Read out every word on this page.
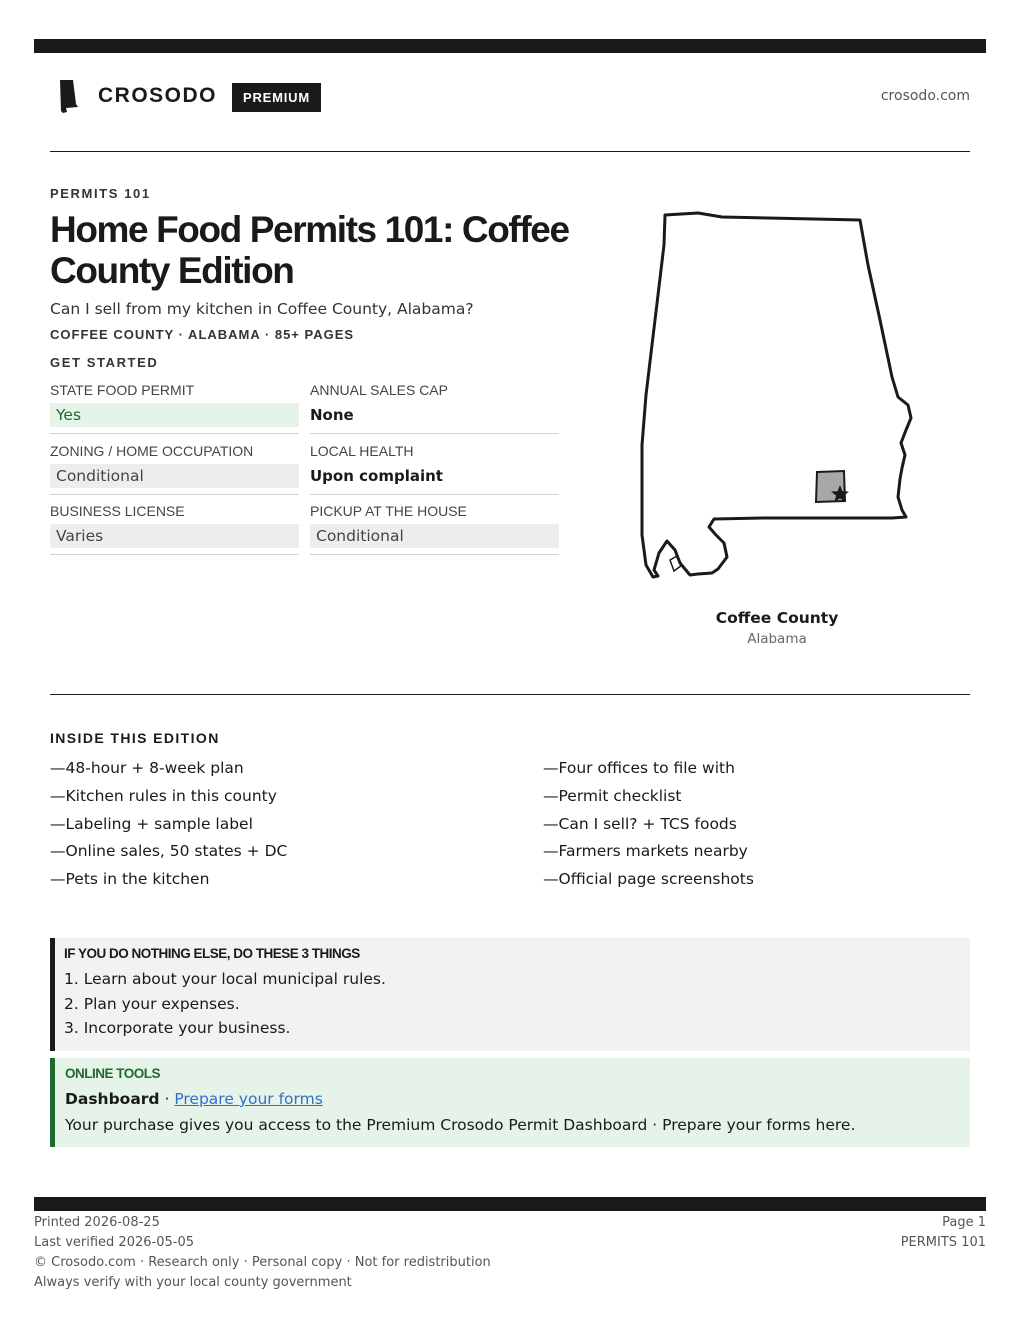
CROSODO	PREMIUM	crosodo.com
PERMITS 101
Home Food Permits 101: Coffee County Edition
Can I sell from my kitchen in Coffee County, Alabama?
COFFEE COUNTY · ALABAMA · 85+ PAGES
GET STARTED
STATE FOOD PERMIT
Yes
ANNUAL SALES CAP
None
ZONING / HOME OCCUPATION
Conditional
LOCAL HEALTH
Upon complaint
BUSINESS LICENSE
Varies
PICKUP AT THE HOUSE
Conditional
Coffee County
Alabama
INSIDE THIS EDITION
—48-hour + 8-week plan
—Kitchen rules in this county
—Labeling + sample label
—Online sales, 50 states + DC
—Pets in the kitchen
—Four offices to file with
—Permit checklist
—Can I sell? + TCS foods
—Farmers markets nearby
—Official page screenshots
IF YOU DO NOTHING ELSE, DO THESE 3 THINGS
1. Learn about your local municipal rules.
2. Plan your expenses.
3. Incorporate your business.
ONLINE TOOLS
Dashboard · Prepare your forms
Your purchase gives you access to the Premium Crosodo Permit Dashboard · Prepare your forms here.
Printed 2026-08-25
Last verified 2026-05-05
© Crosodo.com · Research only · Personal copy · Not for redistribution
Always verify with your local county government
Page 1
PERMITS 101
